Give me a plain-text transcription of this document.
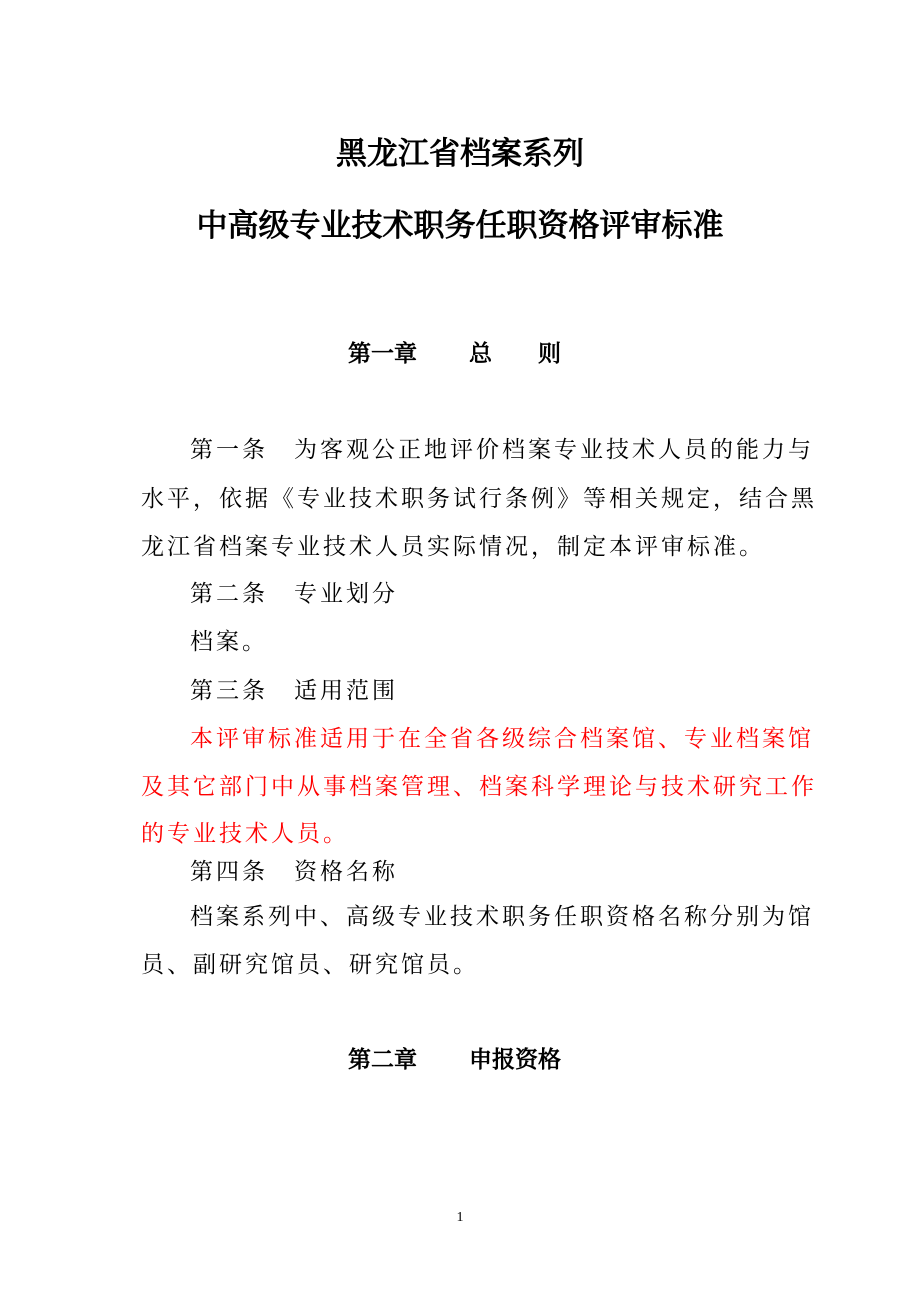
黑龙江省档案系列
中高级专业技术职务任职资格评审标准
第一章 总　　则
第一条 为客观公正地评价档案专业技术人员的能力与
水平，依据《专业技术职务试行条例》等相关规定，结合黑
龙江省档案专业技术人员实际情况，制定本评审标准。
第二条 专业划分
档案。
第三条 适用范围
本评审标准适用于在全省各级综合档案馆、专业档案馆
及其它部门中从事档案管理、档案科学理论与技术研究工作
的专业技术人员。
第四条 资格名称
档案系列中、高级专业技术职务任职资格名称分别为馆
员、副研究馆员、研究馆员。
第二章 申报资格
1
